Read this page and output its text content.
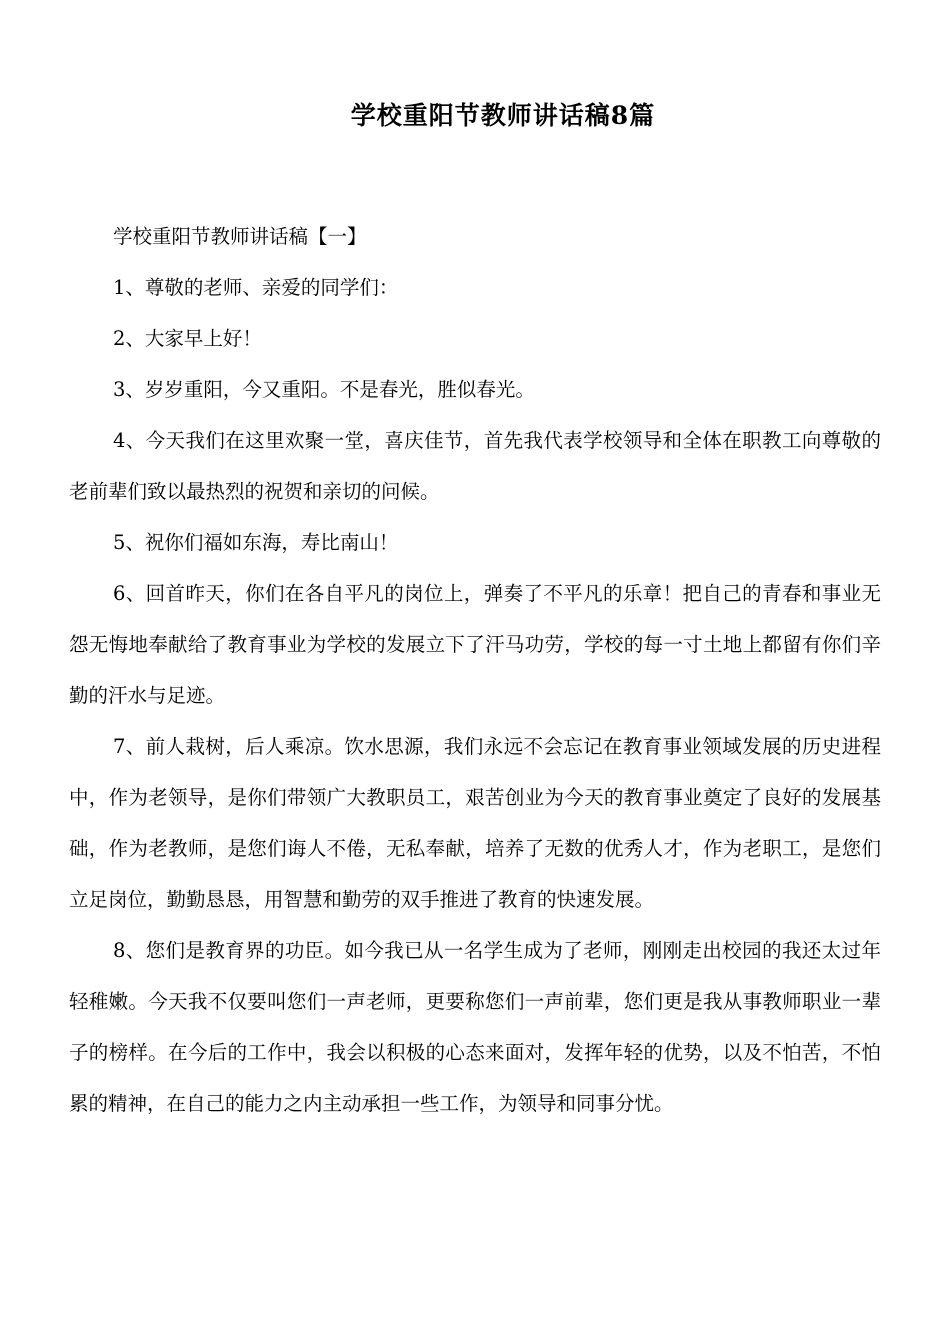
学校重阳节教师讲话稿8篇

学校重阳节教师讲话稿【一】

1、尊敬的老师、亲爱的同学们：

2、大家早上好！

3、岁岁重阳，今又重阳。不是春光，胜似春光。

4、今天我们在这里欢聚一堂，喜庆佳节，首先我代表学校领导和全体在职教工向尊敬的老前辈们致以最热烈的祝贺和亲切的问候。

5、祝你们福如东海，寿比南山！

6、回首昨天，你们在各自平凡的岗位上，弹奏了不平凡的乐章！把自己的青春和事业无怨无悔地奉献给了教育事业为学校的发展立下了汗马功劳，学校的每一寸土地上都留有你们辛勤的汗水与足迹。

7、前人栽树，后人乘凉。饮水思源，我们永远不会忘记在教育事业领域发展的历史进程中，作为老领导，是你们带领广大教职员工，艰苦创业为今天的教育事业奠定了良好的发展基础，作为老教师，是您们诲人不倦，无私奉献，培养了无数的优秀人才，作为老职工，是您们立足岗位，勤勤恳恳，用智慧和勤劳的双手推进了教育的快速发展。

8、您们是教育界的功臣。如今我已从一名学生成为了老师，刚刚走出校园的我还太过年轻稚嫩。今天我不仅要叫您们一声老师，更要称您们一声前辈，您们更是我从事教师职业一辈子的榜样。在今后的工作中，我会以积极的心态来面对，发挥年轻的优势，以及不怕苦，不怕累的精神，在自己的能力之内主动承担一些工作，为领导和同事分忧。
